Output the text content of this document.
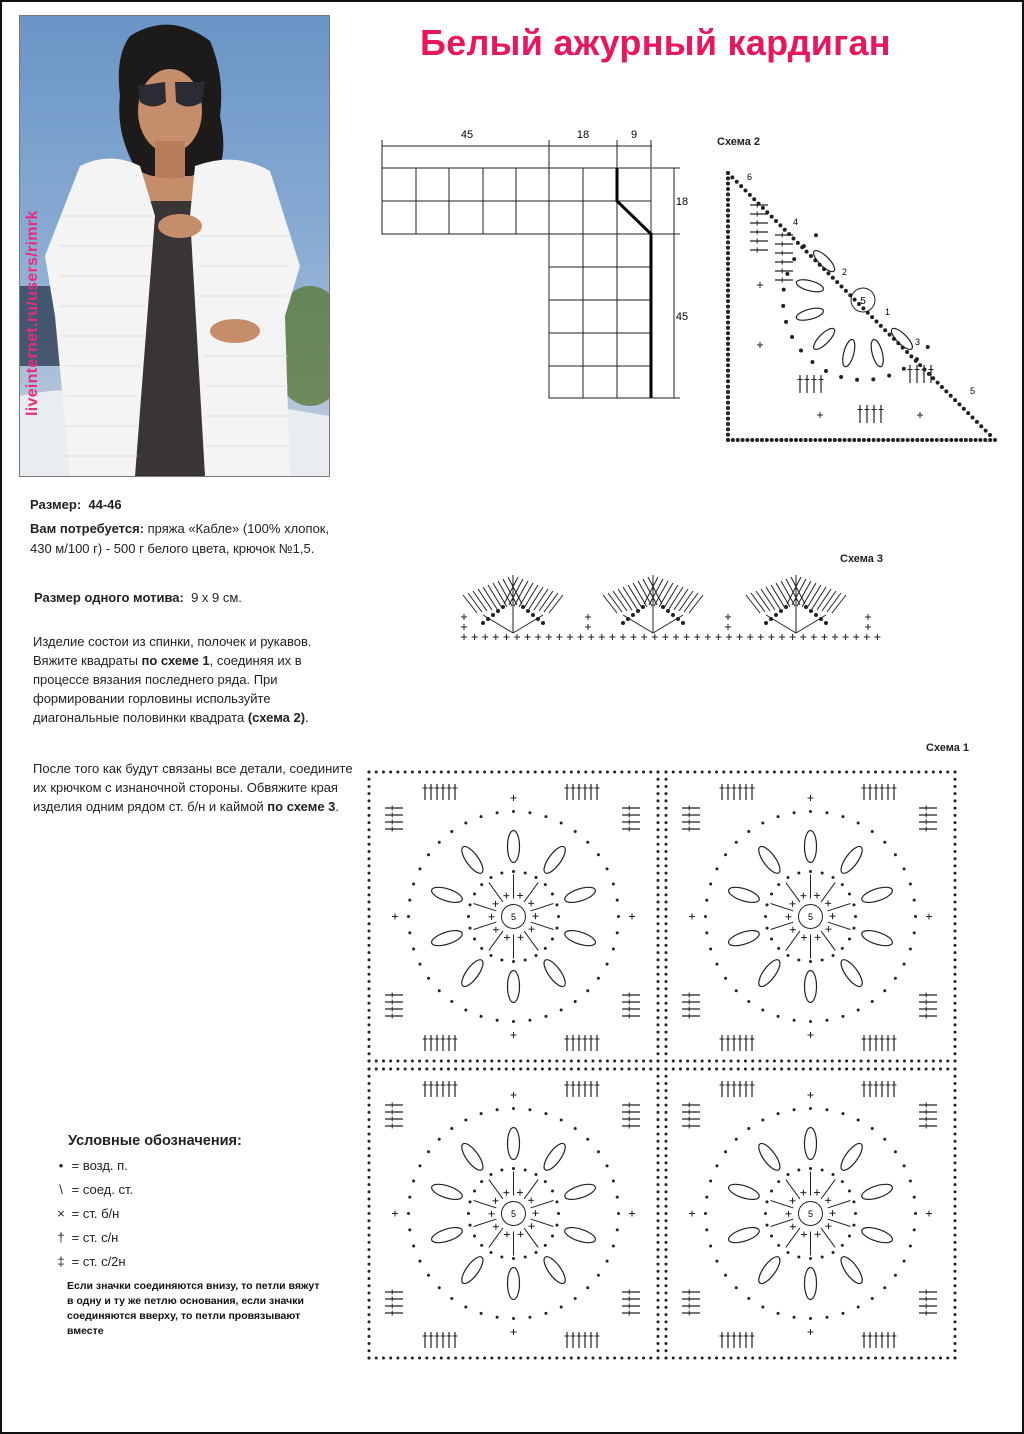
liveinternet.ru/users/rimrk
Белый ажурный кардиган
Размер: 44-46
Вам потребуется: пряжа «Кабле» (100% хлопок, 430 м/100 г) - 500 г белого цвета, крючок №1,5.
Размер одного мотива: 9 х 9 см.
Изделие состои из спинки, полочек и рукавов. Вяжите квадраты по схеме 1, соединяя их в процессе вязания последнего ряда. При формировании горловины используйте диагональные половинки квадрата (схема 2).
После того как будут связаны все детали, соедините их крючком с изнаночной стороны. Обвяжите края изделия одним рядом ст. б/н и каймой по схеме 3.
Условные обозначения:
• = возд. п.
\ = соед. ст.
× = ст. б/н
† = ст. с/н
‡ = ст. с/2н
Если значки соединяются внизу, то петли вяжут в одну и ту же петлю основания, если значки соединяются вверху, то петли провязывают вместе
45	18	9
18
45
Схема 2
5
6
4
2
1
3
5
Схема 3
Схема 1
5	5
5	5
